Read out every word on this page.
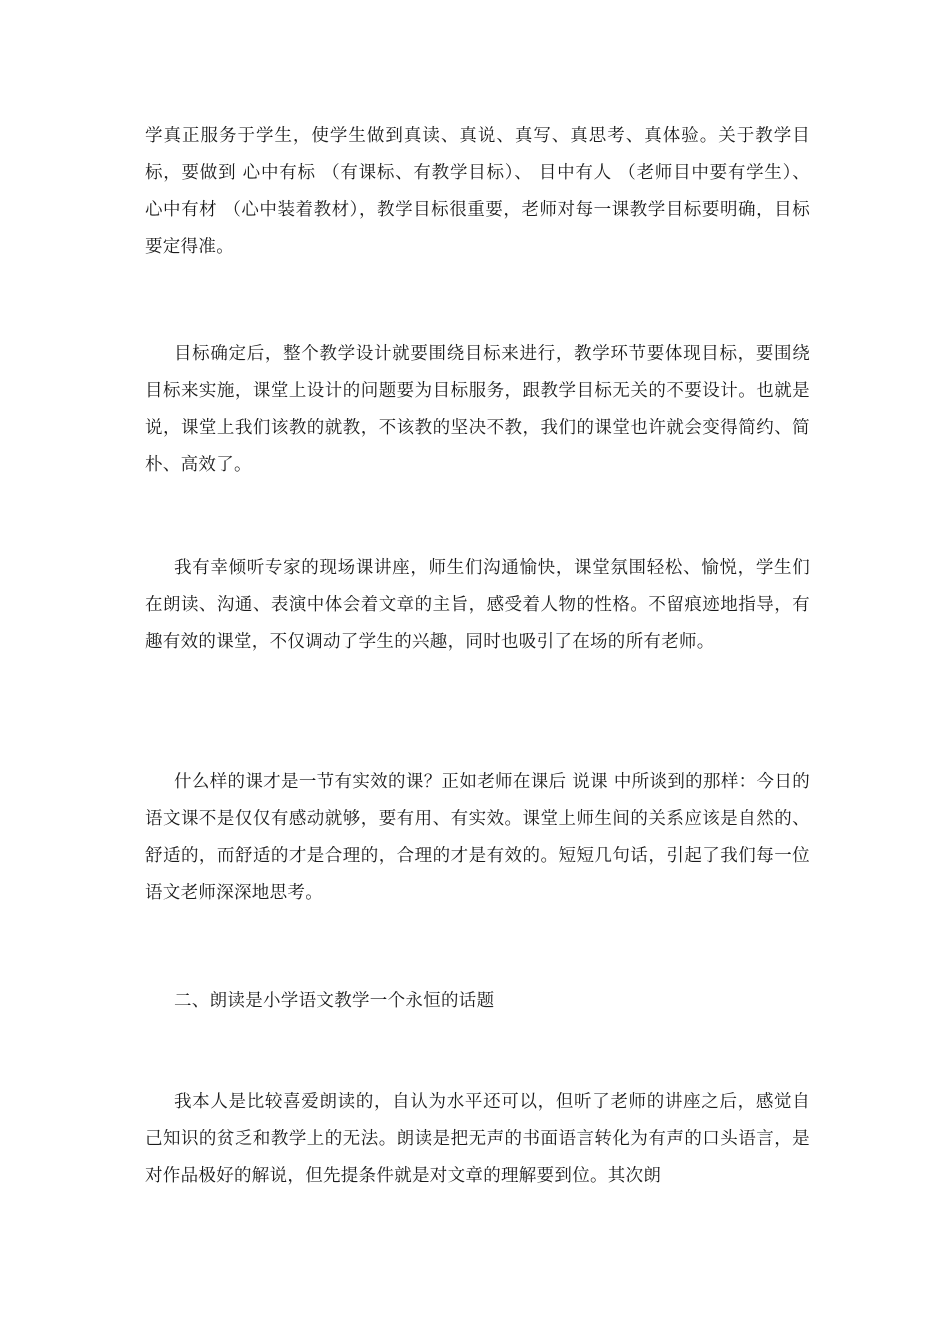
学真正服务于学生，使学生做到真读、真说、真写、真思考、真体验。关于教学目标，要做到 心中有标 （有课标、有教学目标）、 目中有人 （老师目中要有学生）、 心中有材 （心中装着教材），教学目标很重要，老师对每一课教学目标要明确，目标要定得准。

目标确定后，整个教学设计就要围绕目标来进行，教学环节要体现目标，要围绕目标来实施，课堂上设计的问题要为目标服务，跟教学目标无关的不要设计。也就是说，课堂上我们该教的就教，不该教的坚决不教，我们的课堂也许就会变得简约、简朴、高效了。

我有幸倾听专家的现场课讲座，师生们沟通愉快，课堂氛围轻松、愉悦，学生们在朗读、沟通、表演中体会着文章的主旨，感受着人物的性格。不留痕迹地指导，有趣有效的课堂，不仅调动了学生的兴趣，同时也吸引了在场的所有老师。

什么样的课才是一节有实效的课？正如老师在课后 说课 中所谈到的那样：今日的语文课不是仅仅有感动就够，要有用、有实效。课堂上师生间的关系应该是自然的、舒适的，而舒适的才是合理的，合理的才是有效的。短短几句话，引起了我们每一位语文老师深深地思考。

二、朗读是小学语文教学一个永恒的话题

我本人是比较喜爱朗读的，自认为水平还可以，但听了老师的讲座之后，感觉自己知识的贫乏和教学上的无法。朗读是把无声的书面语言转化为有声的口头语言，是对作品极好的解说，但先提条件就是对文章的理解要到位。其次朗
